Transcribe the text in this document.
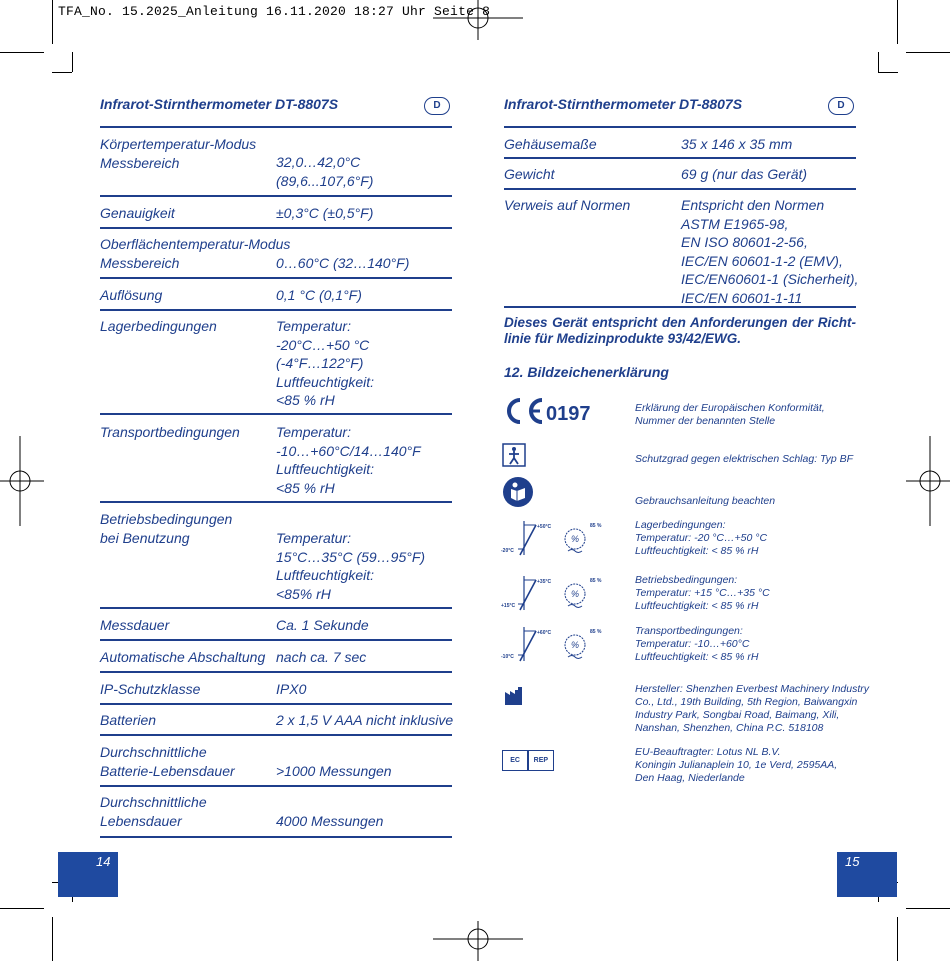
TFA_No. 15.2025_Anleitung 16.11.2020 18:27 Uhr Seite 8
Infrarot-Stirnthermometer DT-8807S	D
Körpertemperatur-Modus
Messbereich	32,0…42,0°C
(89,6...107,6°F)
Genauigkeit	±0,3°C (±0,5°F)
Oberflächentemperatur-Modus
Messbereich	0…60°C (32…140°F)
Auflösung	0,1 °C (0,1°F)
Lagerbedingungen	Temperatur:
-20°C…+50 °C
(-4°F…122°F)
Luftfeuchtigkeit:
<85 % rH
Transportbedingungen	Temperatur:
-10…+60°C/14…140°F
Luftfeuchtigkeit:
<85 % rH
Betriebsbedingungen
bei Benutzung	Temperatur:
15°C…35°C (59…95°F)
Luftfeuchtigkeit:
<85% rH
Messdauer	Ca. 1 Sekunde
Automatische Abschaltung nach ca. 7 sec
IP-Schutzklasse	IPX0
Batterien	2 x 1,5 V AAA nicht inklusive
Durchschnittliche
Batterie-Lebensdauer	>1000 Messungen
Durchschnittliche
Lebensdauer	4000 Messungen
14
Infrarot-Stirnthermometer DT-8807S	D
Gehäusemaße	35 x 146 x 35 mm
Gewicht	69 g (nur das Gerät)
Verweis auf Normen	Entspricht den Normen
ASTM E1965-98,
EN ISO 80601-2-56,
IEC/EN 60601-1-2 (EMV),
IEC/EN60601-1 (Sicherheit),
IEC/EN 60601-1-11
Dieses Gerät entspricht den Anforderungen der Richt-linie für Medizinprodukte 93/42/EWG.
12. Bildzeichenerklärung
0197	Erklärung der Europäischen Konformität,
Nummer der benannten Stelle
Schutzgrad gegen elektrischen Schlag: Typ BF
Gebrauchsanleitung beachten
+50°C
-20°C
%
85 %	Lagerbedingungen:
Temperatur: -20 °C…+50 °C
Luftfeuchtigkeit: < 85 % rH
+35°C
+15°C
%
85 %	Betriebsbedingungen:
Temperatur: +15 °C…+35 °C
Luftfeuchtigkeit: < 85 % rH
+60°C
-10°C
%
85 %	Transportbedingungen:
Temperatur: -10…+60°C
Luftfeuchtigkeit: < 85 % rH
Hersteller: Shenzhen Everbest Machinery Industry
Co., Ltd., 19th Building, 5th Region, Baiwangxin
Industry Park, Songbai Road, Baimang, Xili,
Nanshan, Shenzhen, China P.C. 518108
EC	REP
EU-Beauftragter: Lotus NL B.V.
Koningin Julianaplein 10, 1e Verd, 2595AA,
Den Haag, Niederlande
15
